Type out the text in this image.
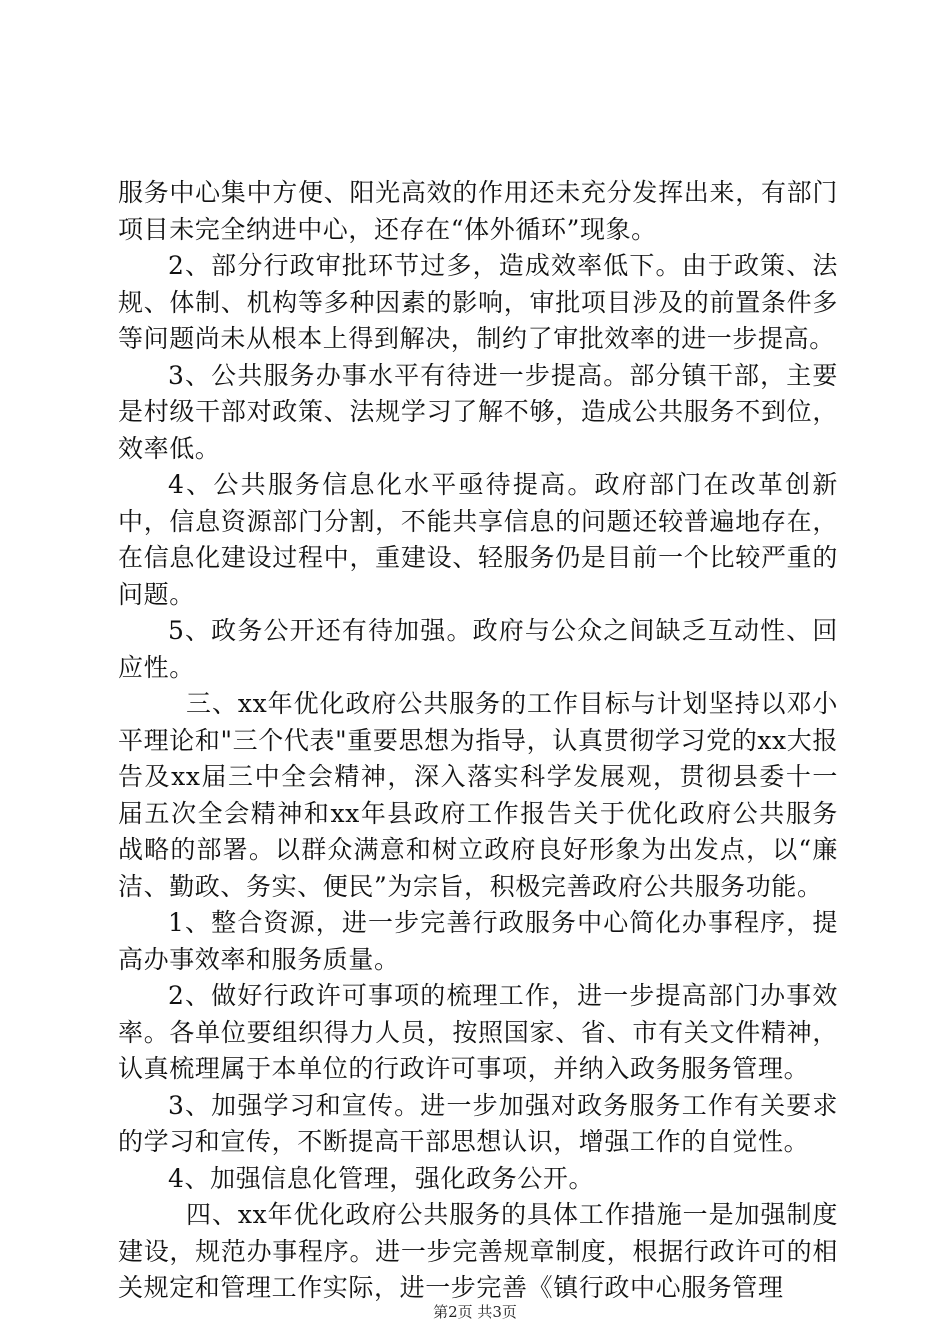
服务中心集中方便、阳光高效的作用还未充分发挥出来，有部门项目未完全纳进中心，还存在“体外循环”现象。

2、部分行政审批环节过多，造成效率低下。由于政策、法规、体制、机构等多种因素的影响，审批项目涉及的前置条件多等问题尚未从根本上得到解决，制约了审批效率的进一步提高。

3、公共服务办事水平有待进一步提高。部分镇干部，主要是村级干部对政策、法规学习了解不够，造成公共服务不到位，效率低。

4、公共服务信息化水平亟待提高。政府部门在改革创新中，信息资源部门分割，不能共享信息的问题还较普遍地存在，在信息化建设过程中，重建设、轻服务仍是目前一个比较严重的问题。

5、政务公开还有待加强。政府与公众之间缺乏互动性、回应性。

三、xx年优化政府公共服务的工作目标与计划坚持以邓小平理论和"三个代表"重要思想为指导，认真贯彻学习党的xx大报告及xx届三中全会精神，深入落实科学发展观，贯彻县委十一届五次全会精神和xx年县政府工作报告关于优化政府公共服务战略的部署。以群众满意和树立政府良好形象为出发点，以“廉洁、勤政、务实、便民”为宗旨，积极完善政府公共服务功能。

1、整合资源，进一步完善行政服务中心简化办事程序，提高办事效率和服务质量。

2、做好行政许可事项的梳理工作，进一步提高部门办事效率。各单位要组织得力人员，按照国家、省、市有关文件精神，认真梳理属于本单位的行政许可事项，并纳入政务服务管理。

3、加强学习和宣传。进一步加强对政务服务工作有关要求的学习和宣传，不断提高干部思想认识，增强工作的自觉性。

4、加强信息化管理，强化政务公开。

四、xx年优化政府公共服务的具体工作措施一是加强制度建设，规范办事程序。进一步完善规章制度，根据行政许可的相关规定和管理工作实际，进一步完善《镇行政中心服务管理

第2页 共3页
